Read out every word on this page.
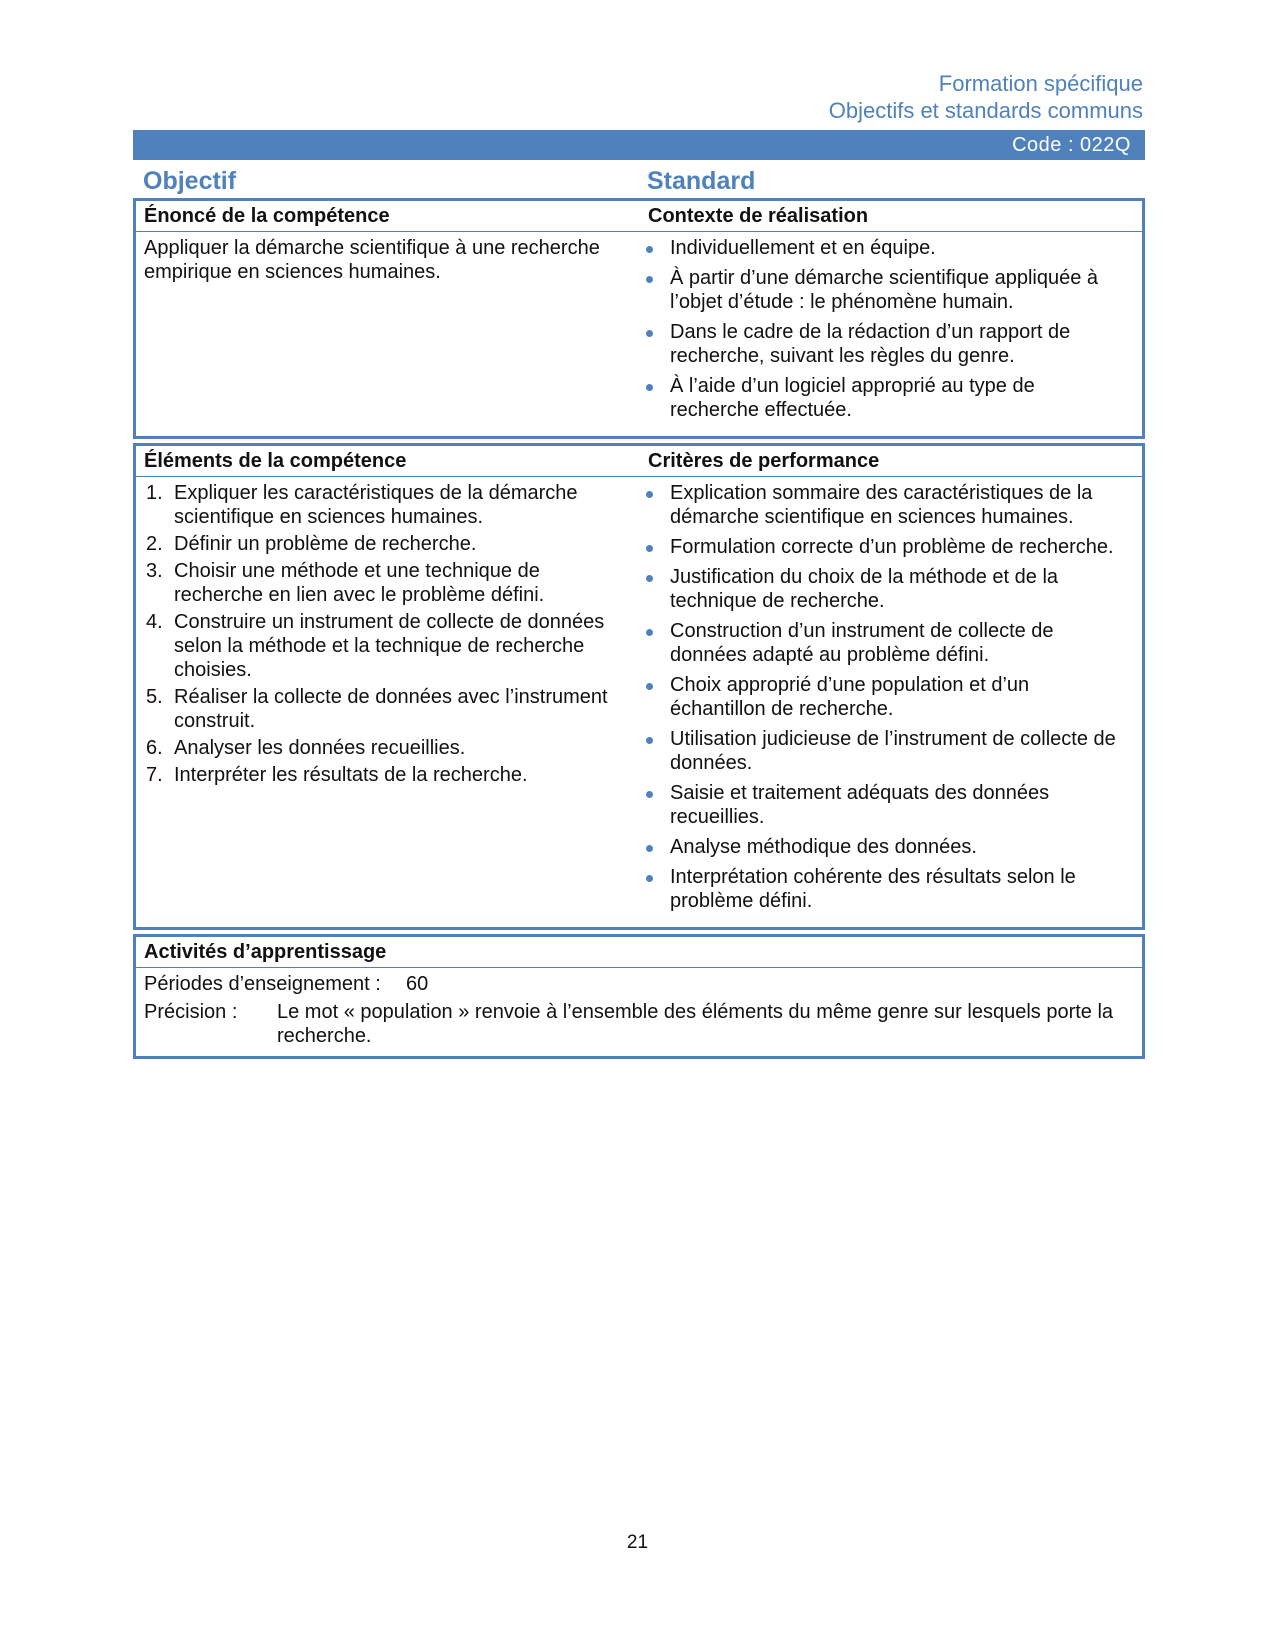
Formation spécifique
Objectifs et standards communs
Code : 022Q
Objectif	Standard
Énoncé de la compétence	Contexte de réalisation
Appliquer la démarche scientifique à une recherche empirique en sciences humaines.
Individuellement et en équipe.
À partir d’une démarche scientifique appliquée à l’objet d’étude : le phénomène humain.
Dans le cadre de la rédaction d’un rapport de recherche, suivant les règles du genre.
À l’aide d’un logiciel approprié au type de recherche effectuée.
Éléments de la compétence	Critères de performance
1. Expliquer les caractéristiques de la démarche scientifique en sciences humaines.
2. Définir un problème de recherche.
3. Choisir une méthode et une technique de recherche en lien avec le problème défini.
4. Construire un instrument de collecte de données selon la méthode et la technique de recherche choisies.
5. Réaliser la collecte de données avec l’instrument construit.
6. Analyser les données recueillies.
7. Interpréter les résultats de la recherche.
Explication sommaire des caractéristiques de la démarche scientifique en sciences humaines.
Formulation correcte d’un problème de recherche.
Justification du choix de la méthode et de la technique de recherche.
Construction d’un instrument de collecte de données adapté au problème défini.
Choix approprié d’une population et d’un échantillon de recherche.
Utilisation judicieuse de l’instrument de collecte de données.
Saisie et traitement adéquats des données recueillies.
Analyse méthodique des données.
Interprétation cohérente des résultats selon le problème défini.
Activités d’apprentissage
Périodes d’enseignement : 60
Précision :	Le mot « population » renvoie à l’ensemble des éléments du même genre sur lesquels porte la recherche.
21
